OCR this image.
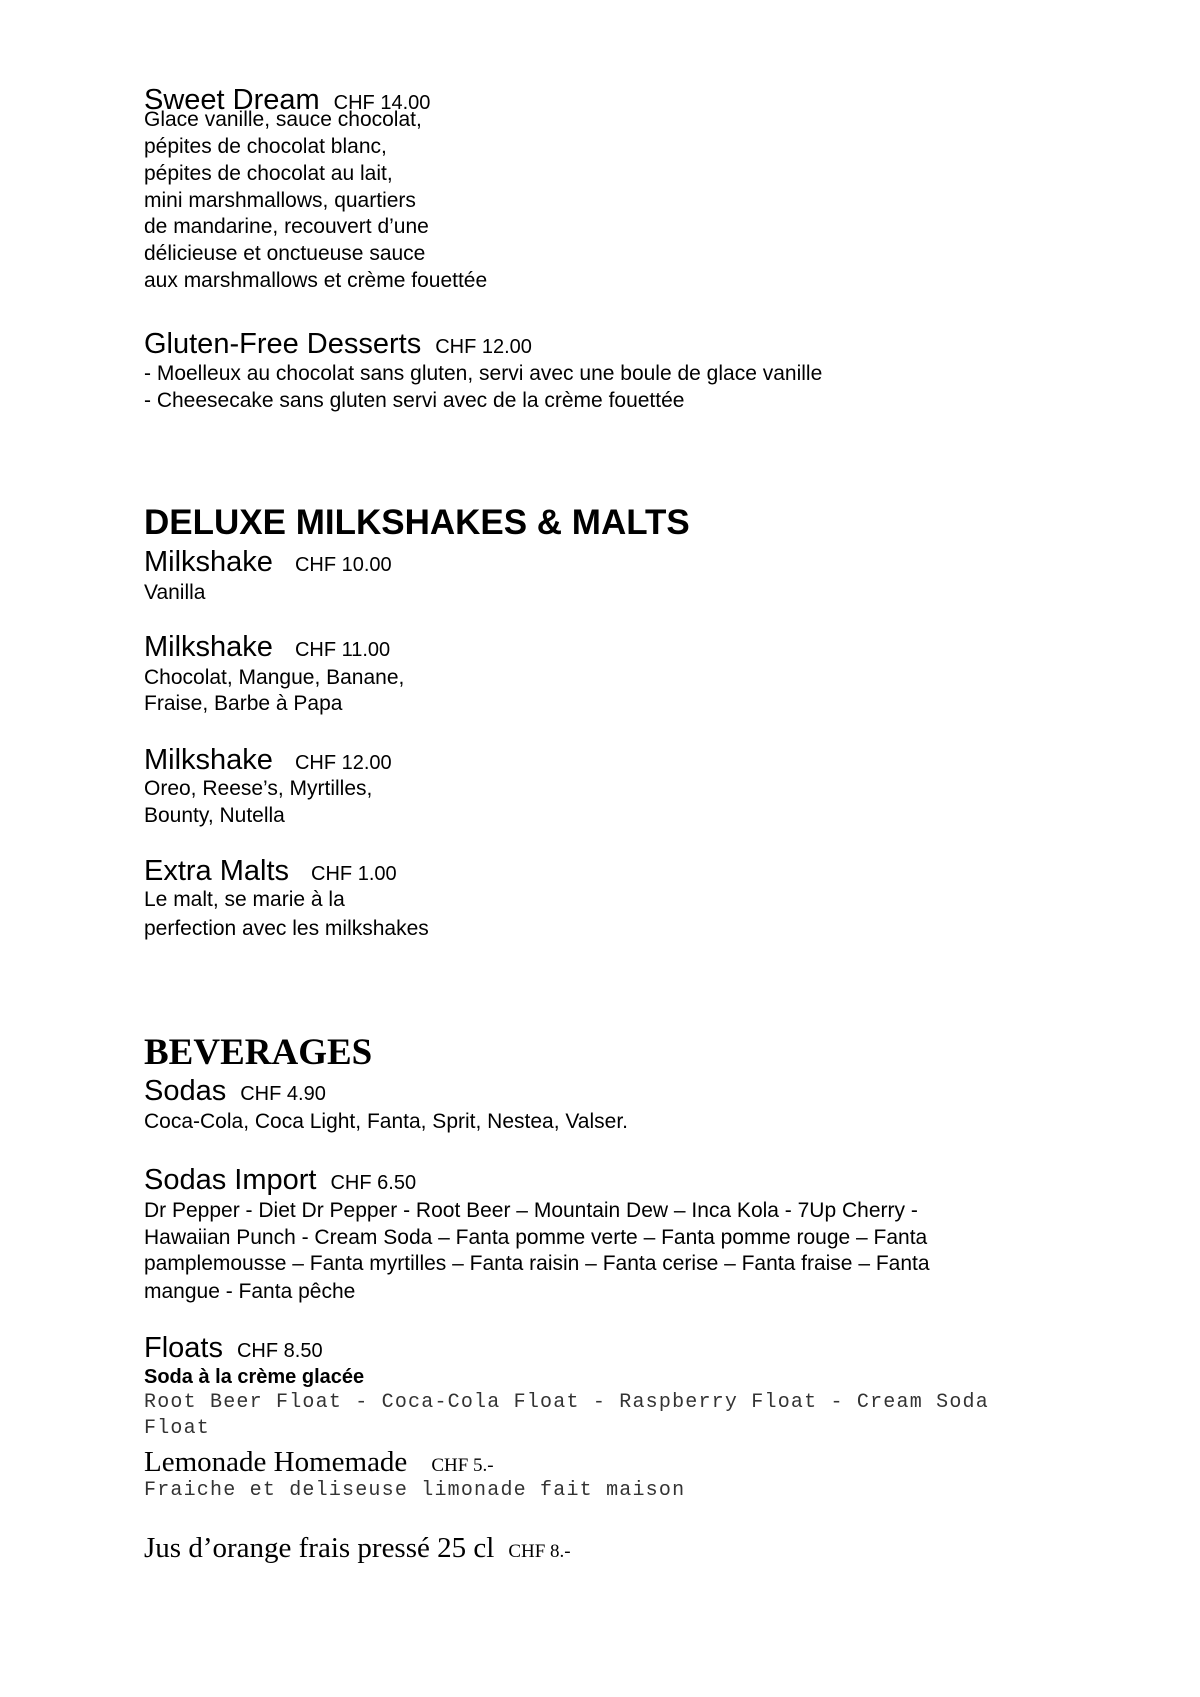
Sweet Dream CHF 14.00
Glace vanille, sauce chocolat,
pépites de chocolat blanc,
pépites de chocolat au lait,
mini marshmallows, quartiers
de mandarine, recouvert d’une
délicieuse et onctueuse sauce
aux marshmallows et crème fouettée
Gluten-Free Desserts CHF 12.00
- Moelleux au chocolat sans gluten, servi avec une boule de glace vanille
- Cheesecake sans gluten servi avec de la crème fouettée
DELUXE MILKSHAKES & MALTS
Milkshake CHF 10.00
Vanilla
Milkshake CHF 11.00
Chocolat, Mangue, Banane,
Fraise, Barbe à Papa
Milkshake CHF 12.00
Oreo, Reese’s, Myrtilles,
Bounty, Nutella
Extra Malts CHF 1.00
Le malt, se marie à la
perfection avec les milkshakes
BEVERAGES
Sodas CHF 4.90
Coca-Cola, Coca Light, Fanta, Sprit, Nestea, Valser.
Sodas Import CHF 6.50
Dr Pepper - Diet Dr Pepper - Root Beer – Mountain Dew – Inca Kola - 7Up Cherry -
Hawaiian Punch - Cream Soda – Fanta pomme verte – Fanta pomme rouge – Fanta
pamplemousse – Fanta myrtilles – Fanta raisin – Fanta cerise – Fanta fraise – Fanta
mangue - Fanta pêche
Floats CHF 8.50
Soda à la crème glacée
Root Beer Float - Coca-Cola Float - Raspberry Float - Cream Soda
Float
Lemonade Homemade CHF 5.-
Fraiche et deliseuse limonade fait maison
Jus d’orange frais pressé 25 cl CHF 8.-
